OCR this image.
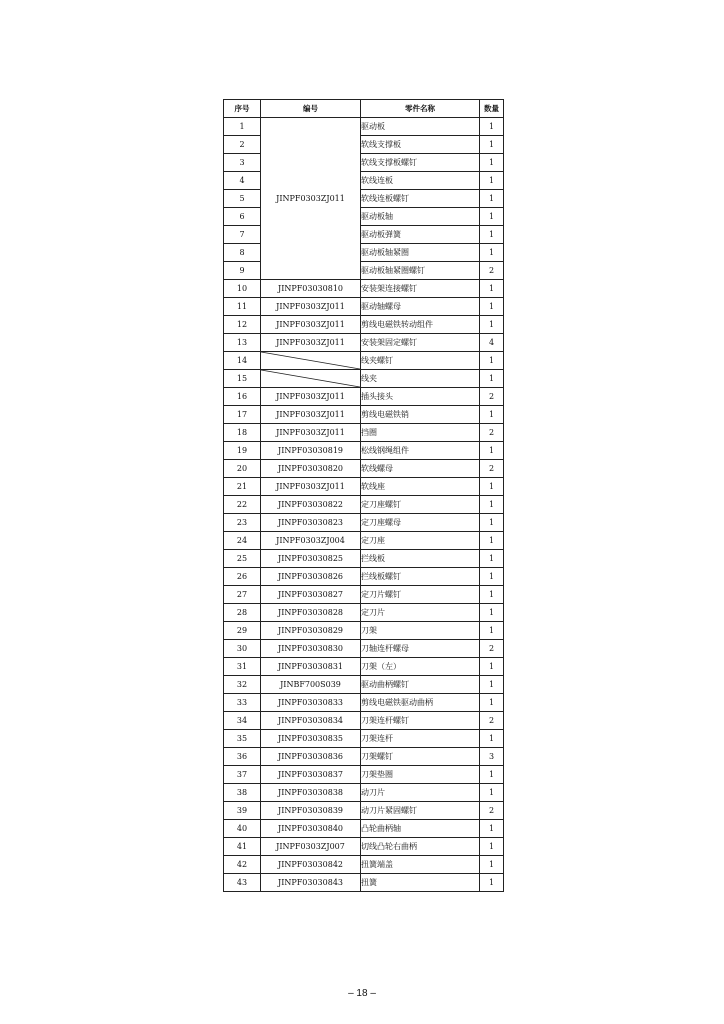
序号	编号	零件名称	数量
1	JINPF0303ZJ011	驱动板	1
2		软线支撑板	1
3		软线支撑板螺钉	1
4		软线连板	1
5		软线连板螺钉	1
6		驱动板轴	1
7		驱动板弹簧	1
8		驱动板轴紧圈	1
9		驱动板轴紧圈螺钉	2
10	JINPF03030810	安装架连接螺钉	1
11	JINPF0303ZJ011	驱动轴螺母	1
12	JINPF0303ZJ011	剪线电磁铁转动组件	1
13	JINPF0303ZJ011	安装架固定螺钉	4
14		线夹螺钉	1
15		线夹	1
16	JINPF0303ZJ011	插头接头	2
17	JINPF0303ZJ011	剪线电磁铁销	1
18	JINPF0303ZJ011	挡圈	2
19	JINPF03030819	松线钢绳组件	1
20	JINPF03030820	软线螺母	2
21	JINPF0303ZJ011	软线座	1
22	JINPF03030822	定刀座螺钉	1
23	JINPF03030823	定刀座螺母	1
24	JINPF0303ZJ004	定刀座	1
25	JINPF03030825	拦线板	1
26	JINPF03030826	拦线板螺钉	1
27	JINPF03030827	定刀片螺钉	1
28	JINPF03030828	定刀片	1
29	JINPF03030829	刀架	1
30	JINPF03030830	刀轴连杆螺母	2
31	JINPF03030831	刀架（左）	1
32	JINBF700S039	驱动曲柄螺钉	1
33	JINPF03030833	剪线电磁铁驱动曲柄	1
34	JINPF03030834	刀架连杆螺钉	2
35	JINPF03030835	刀架连杆	1
36	JINPF03030836	刀架螺钉	3
37	JINPF03030837	刀架垫圈	1
38	JINPF03030838	动刀片	1
39	JINPF03030839	动刀片紧固螺钉	2
40	JINPF03030840	凸轮曲柄轴	1
41	JINPF0303ZJ007	切线凸轮右曲柄	1
42	JINPF03030842	扭簧端盖	1
43	JINPF03030843	扭簧	1
– 18 –
